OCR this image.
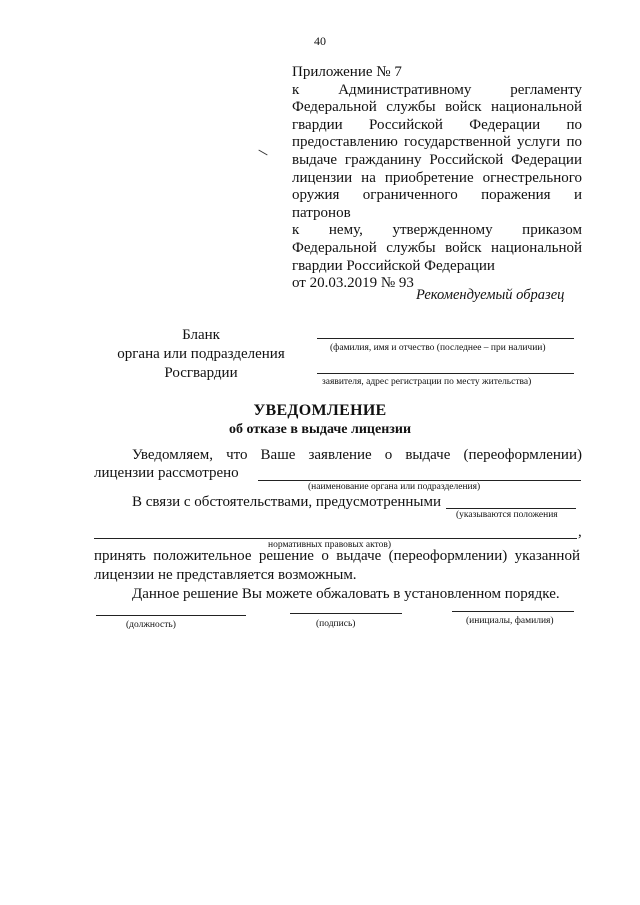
40
Приложение № 7
к Административному регламенту
Федеральной службы войск национальной
гвардии Российской Федерации по
предоставлению государственной услуги по
выдаче гражданину Российской Федерации
лицензии на приобретение огнестрельного
оружия ограниченного поражения и патронов
к нему, утвержденному приказом
Федеральной службы войск национальной
гвардии Российской Федерации
от 20.03.2019 № 93
Рекомендуемый образец
Бланк
органа или подразделения
Росгвардии
(фамилия, имя и отчество (последнее – при наличии)
заявителя, адрес регистрации по месту жительства)
УВЕДОМЛЕНИЕ
об отказе в выдаче лицензии
Уведомляем, что Ваше заявление о выдаче (переоформлении)
лицензии рассмотрено
(наименование органа или подразделения)
В связи с обстоятельствами, предусмотренными
(указываются положения
,
нормативных правовых актов)
принять положительное решение о выдаче (переоформлении) указанной
лицензии не представляется возможным.
Данное решение Вы можете обжаловать в установленном порядке.
(должность)	(подпись)	(инициалы, фамилия)
